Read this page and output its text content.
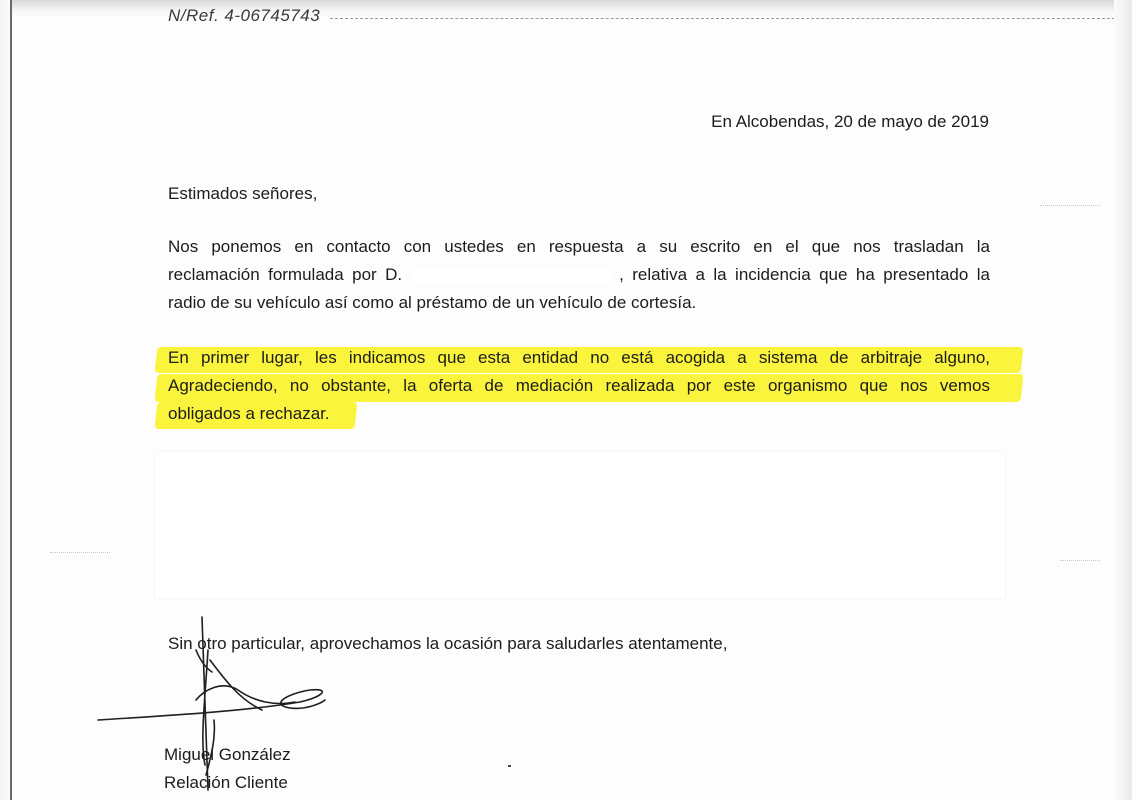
N/Ref. 4-06745743
En Alcobendas, 20 de mayo de 2019
Estimados señores,
Nos ponemos en contacto con ustedes en respuesta a su escrito en el que nos trasladan la
reclamación formulada por D.	, relativa a la incidencia que ha presentado la
radio de su vehículo así como al préstamo de un vehículo de cortesía.
En primer lugar, les indicamos que esta entidad no está acogida a sistema de arbitraje alguno,
Agradeciendo, no obstante, la oferta de mediación realizada por este organismo que nos vemos
obligados a rechazar.
Sin otro particular, aprovechamos la ocasión para saludarles atentamente,
Miguel González
Relación Cliente
